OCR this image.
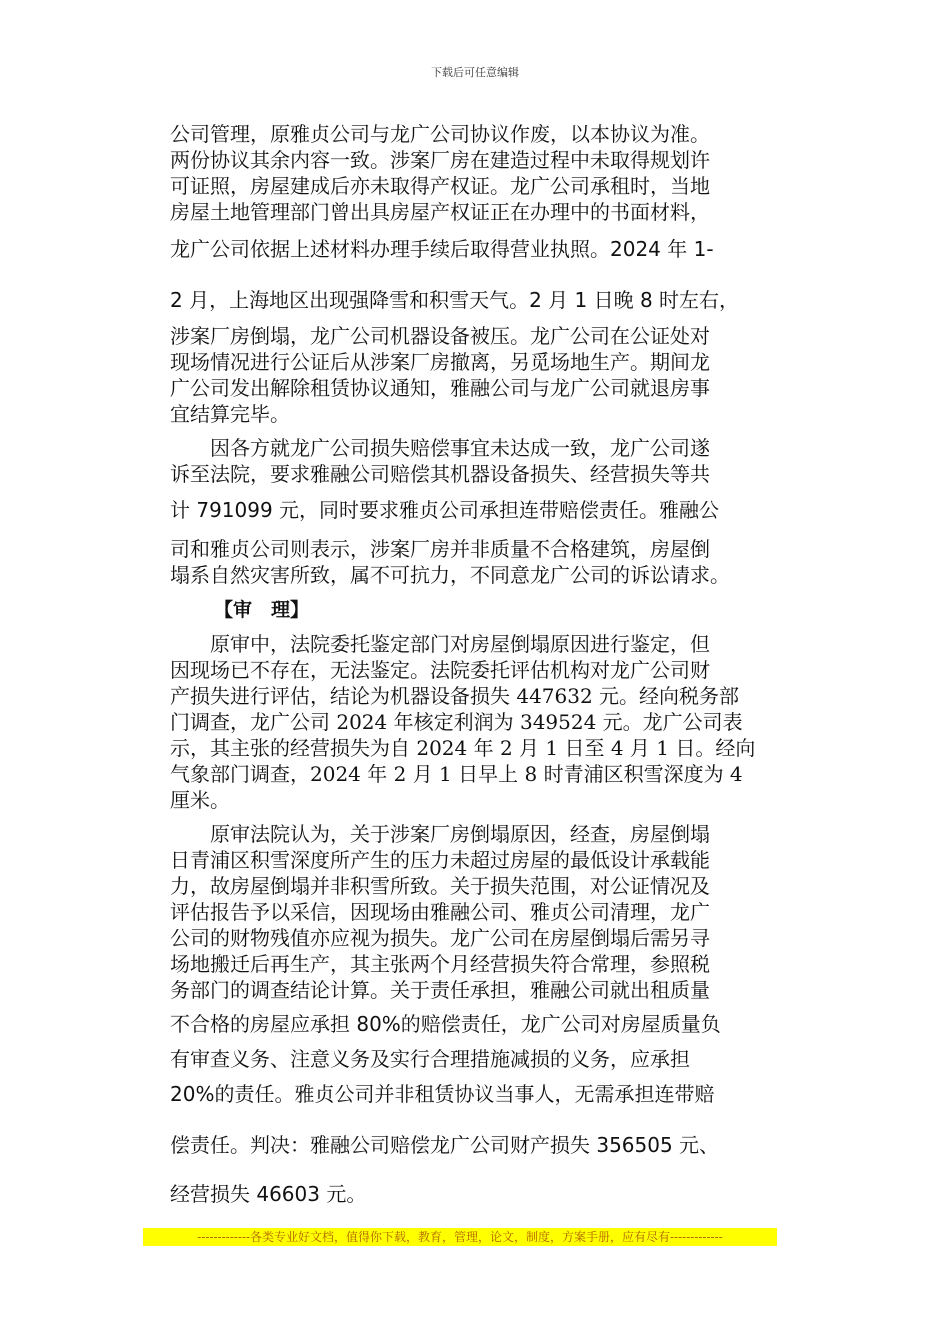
下载后可任意编辑
公司管理，原雅贞公司与龙广公司协议作废，以本协议为准。
两份协议其余内容一致。涉案厂房在建造过程中未取得规划许
可证照，房屋建成后亦未取得产权证。龙广公司承租时，当地
房屋土地管理部门曾出具房屋产权证正在办理中的书面材料，
龙广公司依据上述材料办理手续后取得营业执照。2024 年 1-
2 月，上海地区出现强降雪和积雪天气。2 月 1 日晚 8 时左右，
涉案厂房倒塌，龙广公司机器设备被压。龙广公司在公证处对
现场情况进行公证后从涉案厂房撤离，另觅场地生产。期间龙
广公司发出解除租赁协议通知，雅融公司与龙广公司就退房事
宜结算完毕。
　　因各方就龙广公司损失赔偿事宜未达成一致，龙广公司遂
诉至法院，要求雅融公司赔偿其机器设备损失、经营损失等共
计 791099 元，同时要求雅贞公司承担连带赔偿责任。雅融公
司和雅贞公司则表示，涉案厂房并非质量不合格建筑，房屋倒
塌系自然灾害所致，属不可抗力，不同意龙广公司的诉讼请求。
【审　理】
　　原审中，法院委托鉴定部门对房屋倒塌原因进行鉴定，但
因现场已不存在，无法鉴定。法院委托评估机构对龙广公司财
产损失进行评估，结论为机器设备损失 447632 元。经向税务部
门调查，龙广公司 2024 年核定利润为 349524 元。龙广公司表
示，其主张的经营损失为自 2024 年 2 月 1 日至 4 月 1 日。经向
气象部门调查，2024 年 2 月 1 日早上 8 时青浦区积雪深度为 4
厘米。
　　原审法院认为，关于涉案厂房倒塌原因，经查，房屋倒塌
日青浦区积雪深度所产生的压力未超过房屋的最低设计承载能
力，故房屋倒塌并非积雪所致。关于损失范围，对公证情况及
评估报告予以采信，因现场由雅融公司、雅贞公司清理，龙广
公司的财物残值亦应视为损失。龙广公司在房屋倒塌后需另寻
场地搬迁后再生产，其主张两个月经营损失符合常理，参照税
务部门的调查结论计算。关于责任承担，雅融公司就出租质量
不合格的房屋应承担 80%的赔偿责任，龙广公司对房屋质量负
有审查义务、注意义务及实行合理措施减损的义务，应承担
20%的责任。雅贞公司并非租赁协议当事人，无需承担连带赔
偿责任。判决：雅融公司赔偿龙广公司财产损失 356505 元、
经营损失 46603 元。
-------------各类专业好文档，值得你下载，教育，管理，论文，制度，方案手册，应有尽有-------------
